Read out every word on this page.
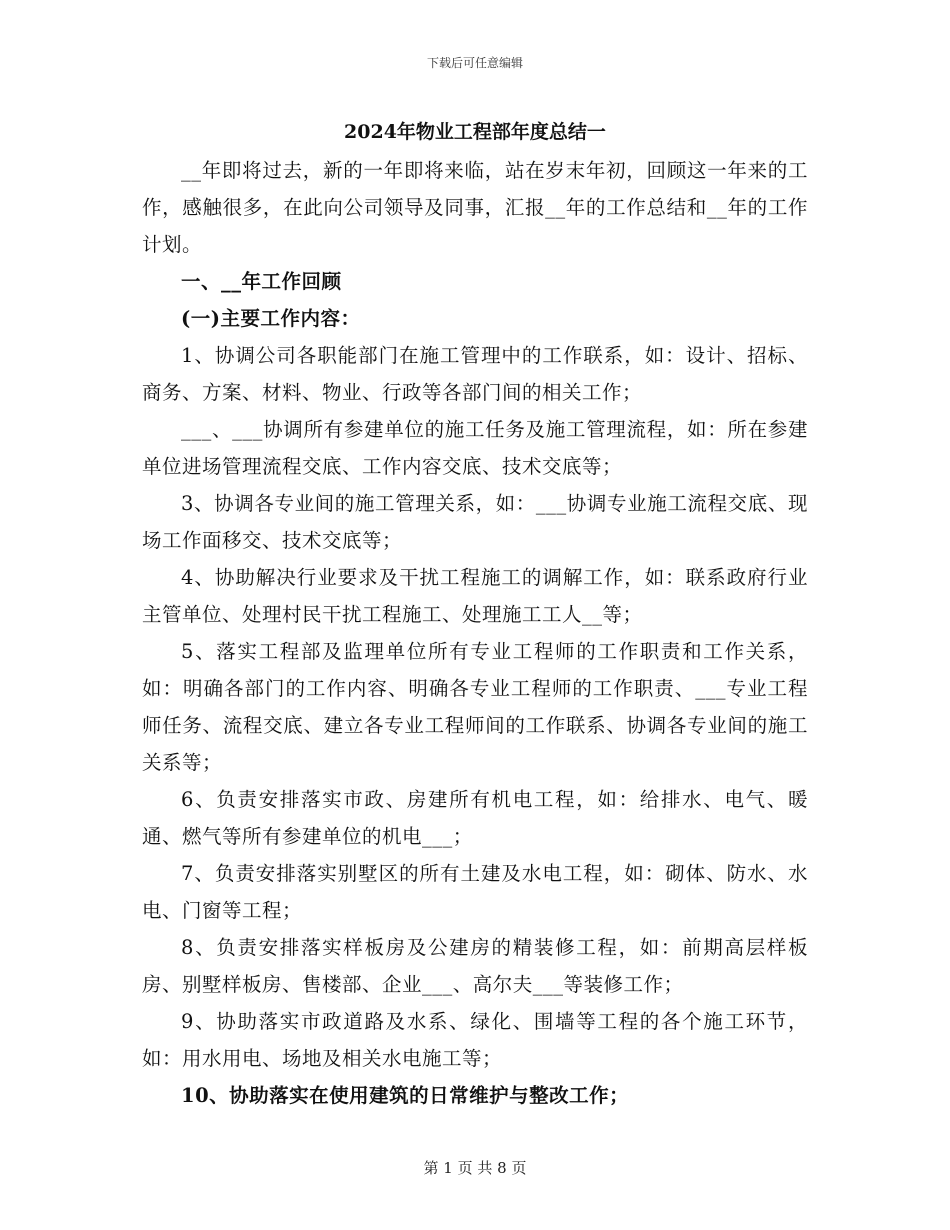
下载后可任意编辑
2024年物业工程部年度总结一

__年即将过去，新的一年即将来临，站在岁末年初，回顾这一年来的工作，感触很多，在此向公司领导及同事，汇报__年的工作总结和__年的工作计划。

一、__年工作回顾

(一)主要工作内容：

1、协调公司各职能部门在施工管理中的工作联系，如：设计、招标、商务、方案、材料、物业、行政等各部门间的相关工作；

___、___协调所有参建单位的施工任务及施工管理流程，如：所在参建单位进场管理流程交底、工作内容交底、技术交底等；

3、协调各专业间的施工管理关系，如：___协调专业施工流程交底、现场工作面移交、技术交底等；

4、协助解决行业要求及干扰工程施工的调解工作，如：联系政府行业主管单位、处理村民干扰工程施工、处理施工工人__等；

5、落实工程部及监理单位所有专业工程师的工作职责和工作关系，如：明确各部门的工作内容、明确各专业工程师的工作职责、___专业工程师任务、流程交底、建立各专业工程师间的工作联系、协调各专业间的施工关系等；

6、负责安排落实市政、房建所有机电工程，如：给排水、电气、暖通、燃气等所有参建单位的机电___；

7、负责安排落实别墅区的所有土建及水电工程，如：砌体、防水、水电、门窗等工程；

8、负责安排落实样板房及公建房的精装修工程，如：前期高层样板房、别墅样板房、售楼部、企业___、高尔夫___等装修工作；

9、协助落实市政道路及水系、绿化、围墙等工程的各个施工环节，如：用水用电、场地及相关水电施工等；

10、协助落实在使用建筑的日常维护与整改工作；

第 1 页 共 8 页
